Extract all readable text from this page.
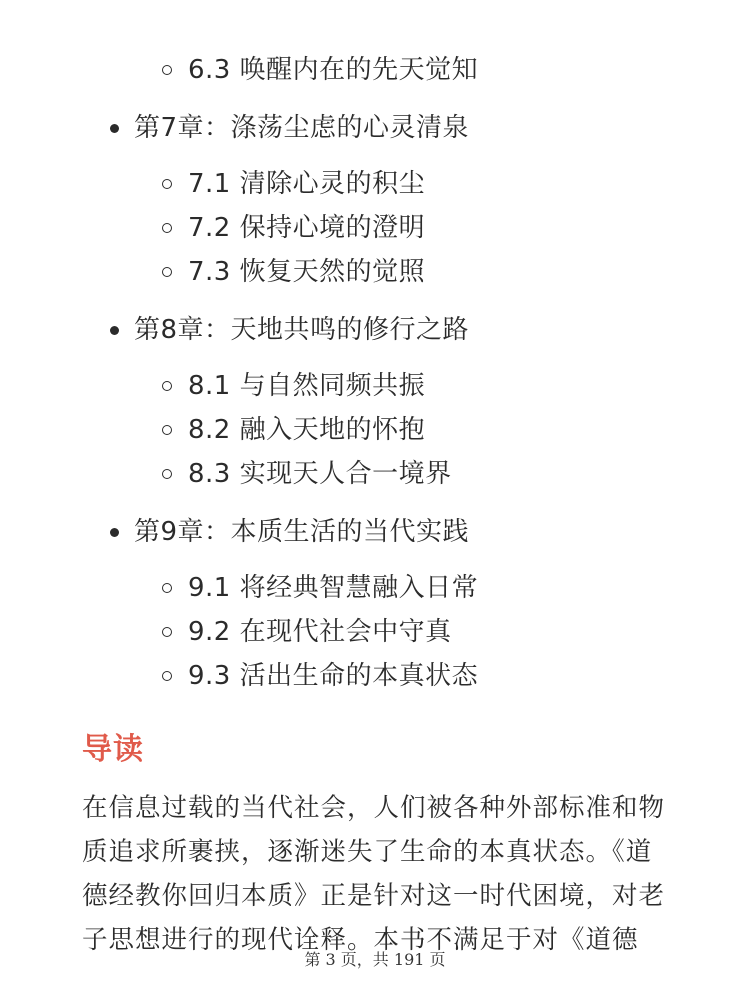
6.3 唤醒内在的先天觉知
第7章：涤荡尘虑的心灵清泉
7.1 清除心灵的积尘
7.2 保持心境的澄明
7.3 恢复天然的觉照
第8章：天地共鸣的修行之路
8.1 与自然同频共振
8.2 融入天地的怀抱
8.3 实现天人合一境界
第9章：本质生活的当代实践
9.1 将经典智慧融入日常
9.2 在现代社会中守真
9.3 活出生命的本真状态
导读
在信息过载的当代社会，人们被各种外部标准和物质追求所裹挟，逐渐迷失了生命的本真状态。《道德经教你回归本质》正是针对这一时代困境，对老子思想进行的现代诠释。本书不满足于对《道德
第 3 页，共 191 页
